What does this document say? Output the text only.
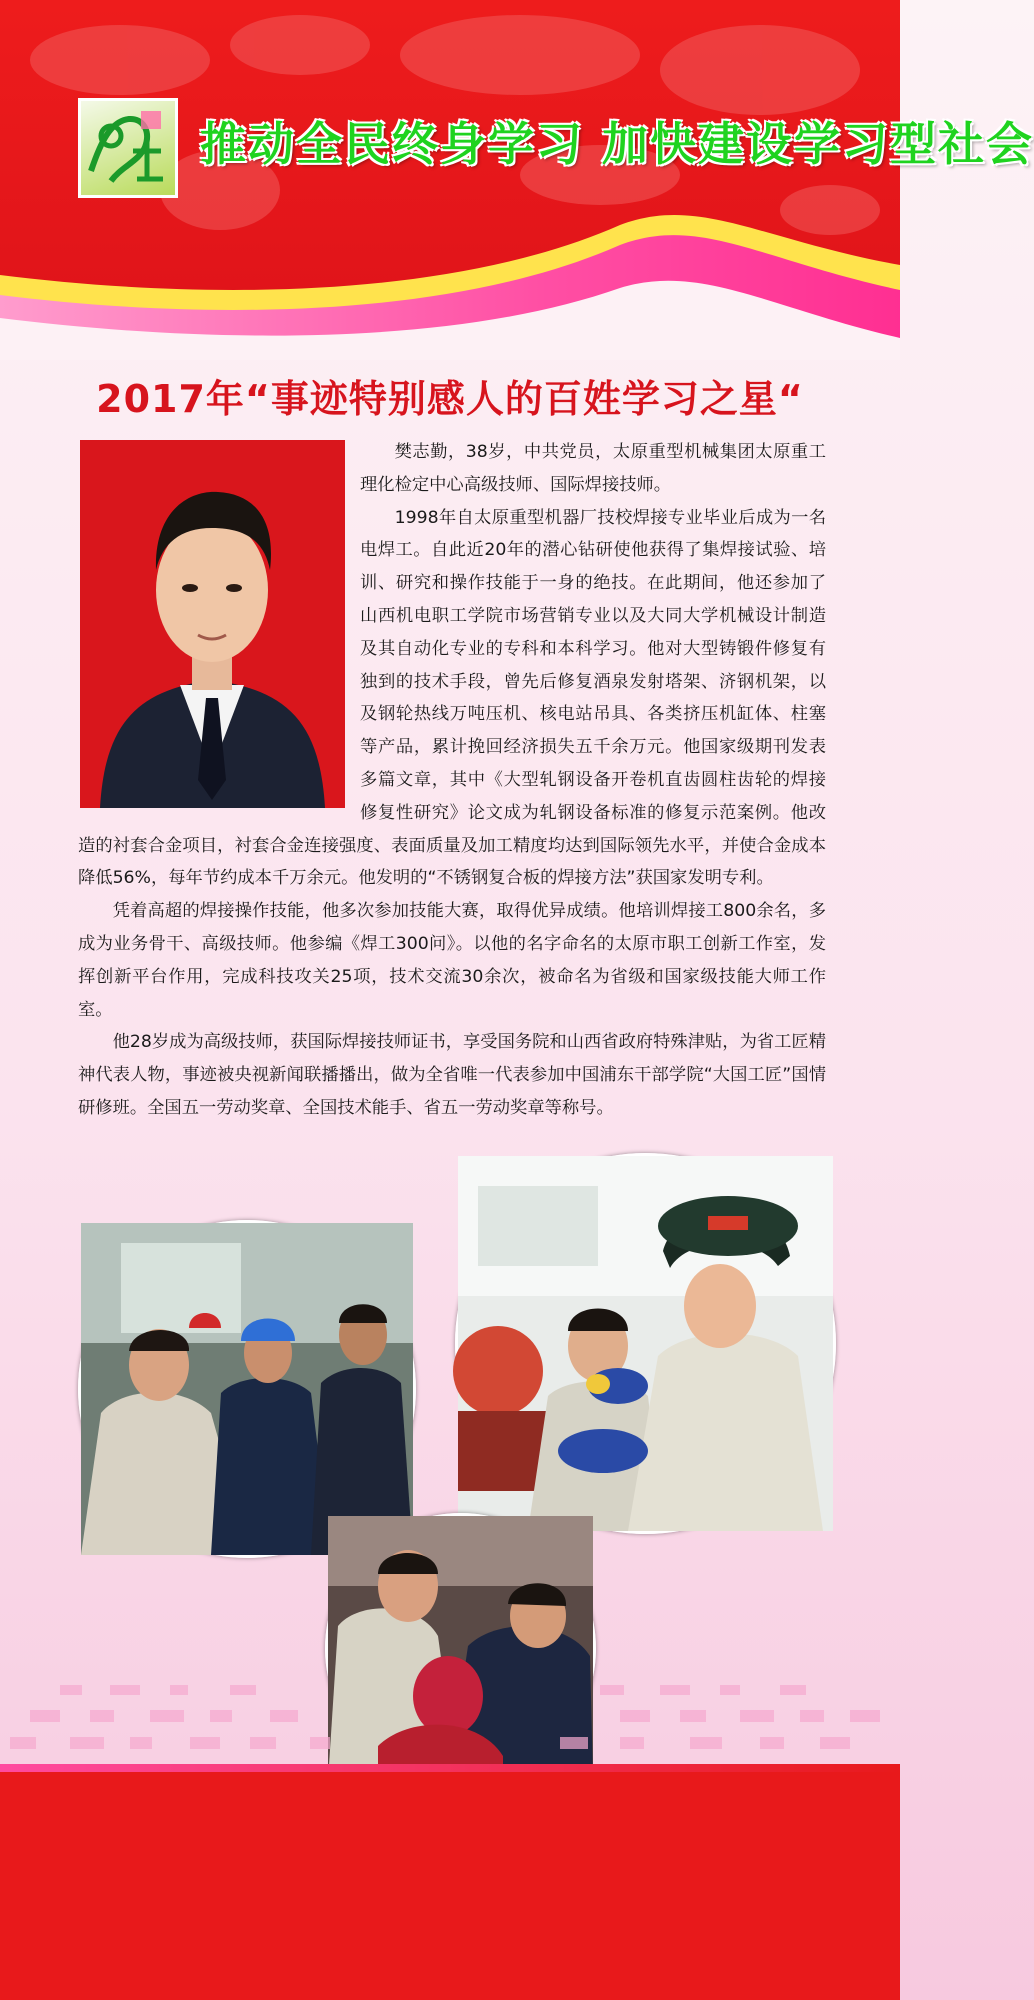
推动全民终身学习 加快建设学习型社会
2017年“事迹特别感人的百姓学习之星“

樊志勤，38岁，中共党员，太原重型机械集团太原重工理化检定中心高级技师、国际焊接技师。

1998年自太原重型机器厂技校焊接专业毕业后成为一名电焊工。自此近20年的潜心钻研使他获得了集焊接试验、培训、研究和操作技能于一身的绝技。在此期间，他还参加了山西机电职工学院市场营销专业以及大同大学机械设计制造及其自动化专业的专科和本科学习。他对大型铸锻件修复有独到的技术手段，曾先后修复酒泉发射塔架、济钢机架，以及钢轮热线万吨压机、核电站吊具、各类挤压机缸体、柱塞等产品，累计挽回经济损失五千余万元。他国家级期刊发表多篇文章，其中《大型轧钢设备开卷机直齿圆柱齿轮的焊接修复性研究》论文成为轧钢设备标准的修复示范案例。他改造的衬套合金项目，衬套合金连接强度、表面质量及加工精度均达到国际领先水平，并使合金成本降低56%，每年节约成本千万余元。他发明的“不锈钢复合板的焊接方法”获国家发明专利。

凭着高超的焊接操作技能，他多次参加技能大赛，取得优异成绩。他培训焊接工800余名，多成为业务骨干、高级技师。他参编《焊工300问》。以他的名字命名的太原市职工创新工作室，发挥创新平台作用，完成科技攻关25项，技术交流30余次，被命名为省级和国家级技能大师工作室。

他28岁成为高级技师，获国际焊接技师证书，享受国务院和山西省政府特殊津贴，为省工匠精神代表人物，事迹被央视新闻联播播出，做为全省唯一代表参加中国浦东干部学院“大国工匠”国情研修班。全国五一劳动奖章、全国技术能手、省五一劳动奖章等称号。
